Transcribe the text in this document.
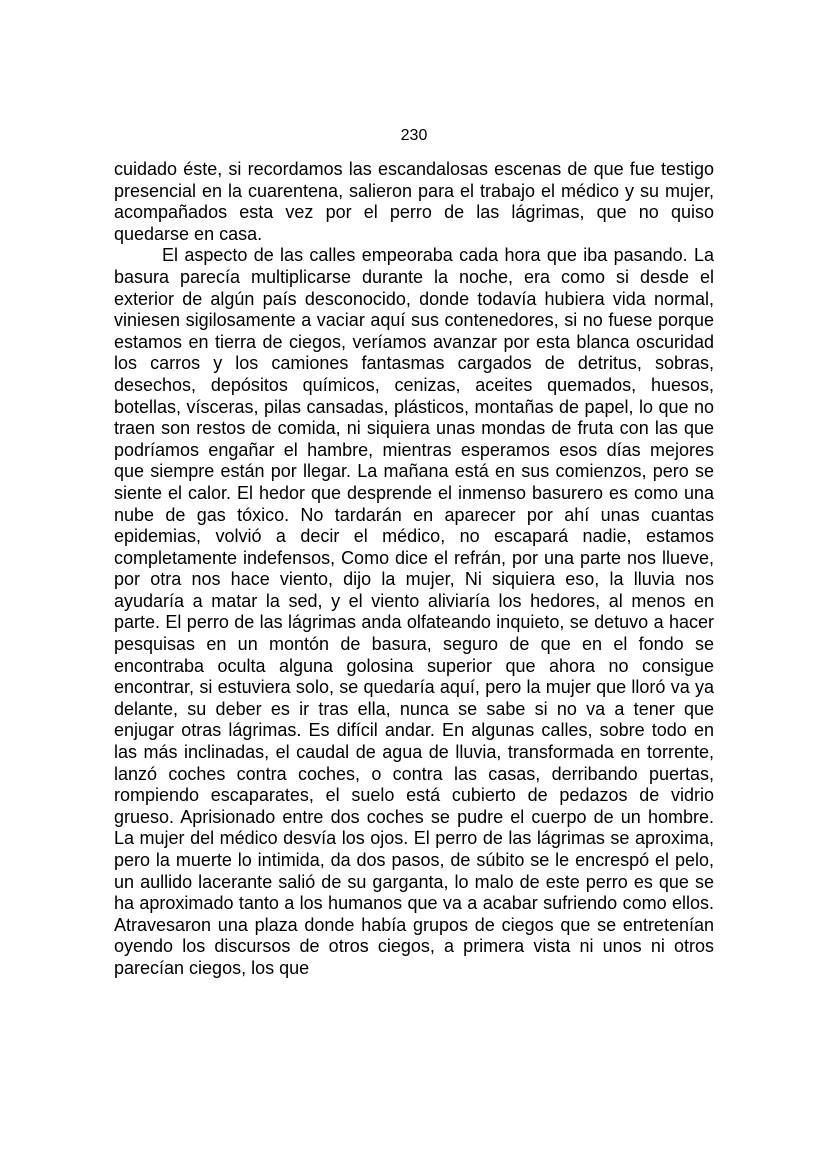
230

cuidado éste, si recordamos las escandalosas escenas de que fue testigo presencial en la cuarentena, salieron para el trabajo el médico y su mujer, acompañados esta vez por el perro de las lágrimas, que no quiso quedarse en casa.

El aspecto de las calles empeoraba cada hora que iba pasando. La basura parecía multiplicarse durante la noche, era como si desde el exterior de algún país desconocido, donde todavía hubiera vida normal, viniesen sigilosamente a vaciar aquí sus contenedores, si no fuese porque estamos en tierra de ciegos, veríamos avanzar por esta blanca oscuridad los carros y los camiones fantasmas cargados de detritus, sobras, desechos, depósitos químicos, cenizas, aceites quemados, huesos, botellas, vísceras, pilas cansadas, plásticos, montañas de papel, lo que no traen son restos de comida, ni siquiera unas mondas de fruta con las que podríamos engañar el hambre, mientras esperamos esos días mejores que siempre están por llegar. La mañana está en sus comienzos, pero se siente el calor. El hedor que desprende el inmenso basurero es como una nube de gas tóxico. No tardarán en aparecer por ahí unas cuantas epidemias, volvió a decir el médico, no escapará nadie, estamos completamente indefensos, Como dice el refrán, por una parte nos llueve, por otra nos hace viento, dijo la mujer, Ni siquiera eso, la lluvia nos ayudaría a matar la sed, y el viento aliviaría los hedores, al menos en parte. El perro de las lágrimas anda olfateando inquieto, se detuvo a hacer pesquisas en un montón de basura, seguro de que en el fondo se encontraba oculta alguna golosina superior que ahora no consigue encontrar, si estuviera solo, se quedaría aquí, pero la mujer que lloró va ya delante, su deber es ir tras ella, nunca se sabe si no va a tener que enjugar otras lágrimas. Es difícil andar. En algunas calles, sobre todo en las más inclinadas, el caudal de agua de lluvia, transformada en torrente, lanzó coches contra coches, o contra las casas, derribando puertas, rompiendo escaparates, el suelo está cubierto de pedazos de vidrio grueso. Aprisionado entre dos coches se pudre el cuerpo de un hombre. La mujer del médico desvía los ojos. El perro de las lágrimas se aproxima, pero la muerte lo intimida, da dos pasos, de súbito se le encrespó el pelo, un aullido lacerante salió de su garganta, lo malo de este perro es que se ha aproximado tanto a los humanos que va a acabar sufriendo como ellos. Atravesaron una plaza donde había grupos de ciegos que se entretenían oyendo los discursos de otros ciegos, a primera vista ni unos ni otros parecían ciegos, los que
